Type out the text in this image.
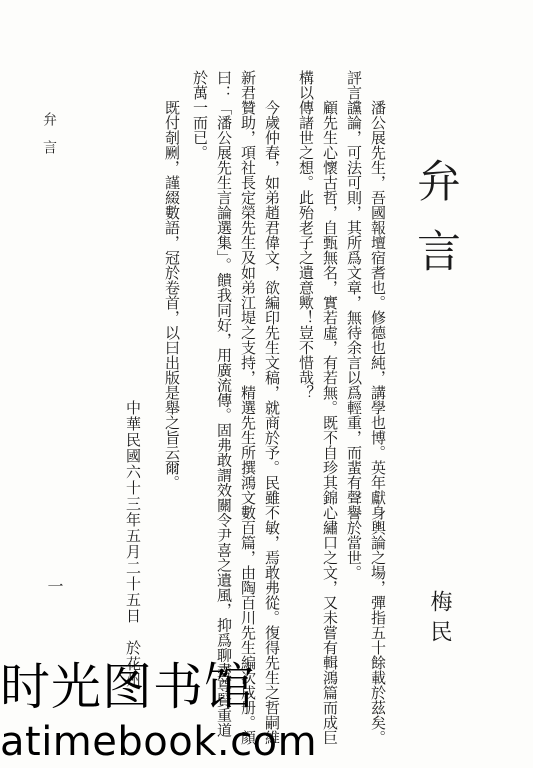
弁言
梅民
潘公展先生，吾國報壇宿耆也。修德也純，講學也博。英年獻身輿論之場，彈指五十餘載於茲矣。
評言讜論，可法可則，其所爲文章，無待余言以爲輕重，而蜚有聲譽於當世。
顧先生心懷古哲，自甄無名，實若虛，有若無。既不自珍其錦心繡口之文，又未嘗有輯鴻篇而成巨
構以傳諸世之想。此殆老子之遺意歟！豈不惜哉？
今歲仲春，如弟趙君偉文，欲編印先生文稿，就商於予。民雖不敏，焉敢弗從。復得先生之哲嗣維
新君贊助，項社長定榮先生及如弟江堤之支持，精選先生所撰鴻文數百篇，由陶百川先生編次成册。顏
曰：「潘公展先生言論選集」。饋我同好，用廣流傳。固弗敢謂效關令尹喜之遺風，抑爲聊盡尊賢重道
於萬一而已。
既付剞劂，謹綴數語，冠於卷首，以曰出版是舉之旨云爾。
中華民國六十三年五月二十五日　於花州
弁言
一
时光图书馆
atimebook.com
